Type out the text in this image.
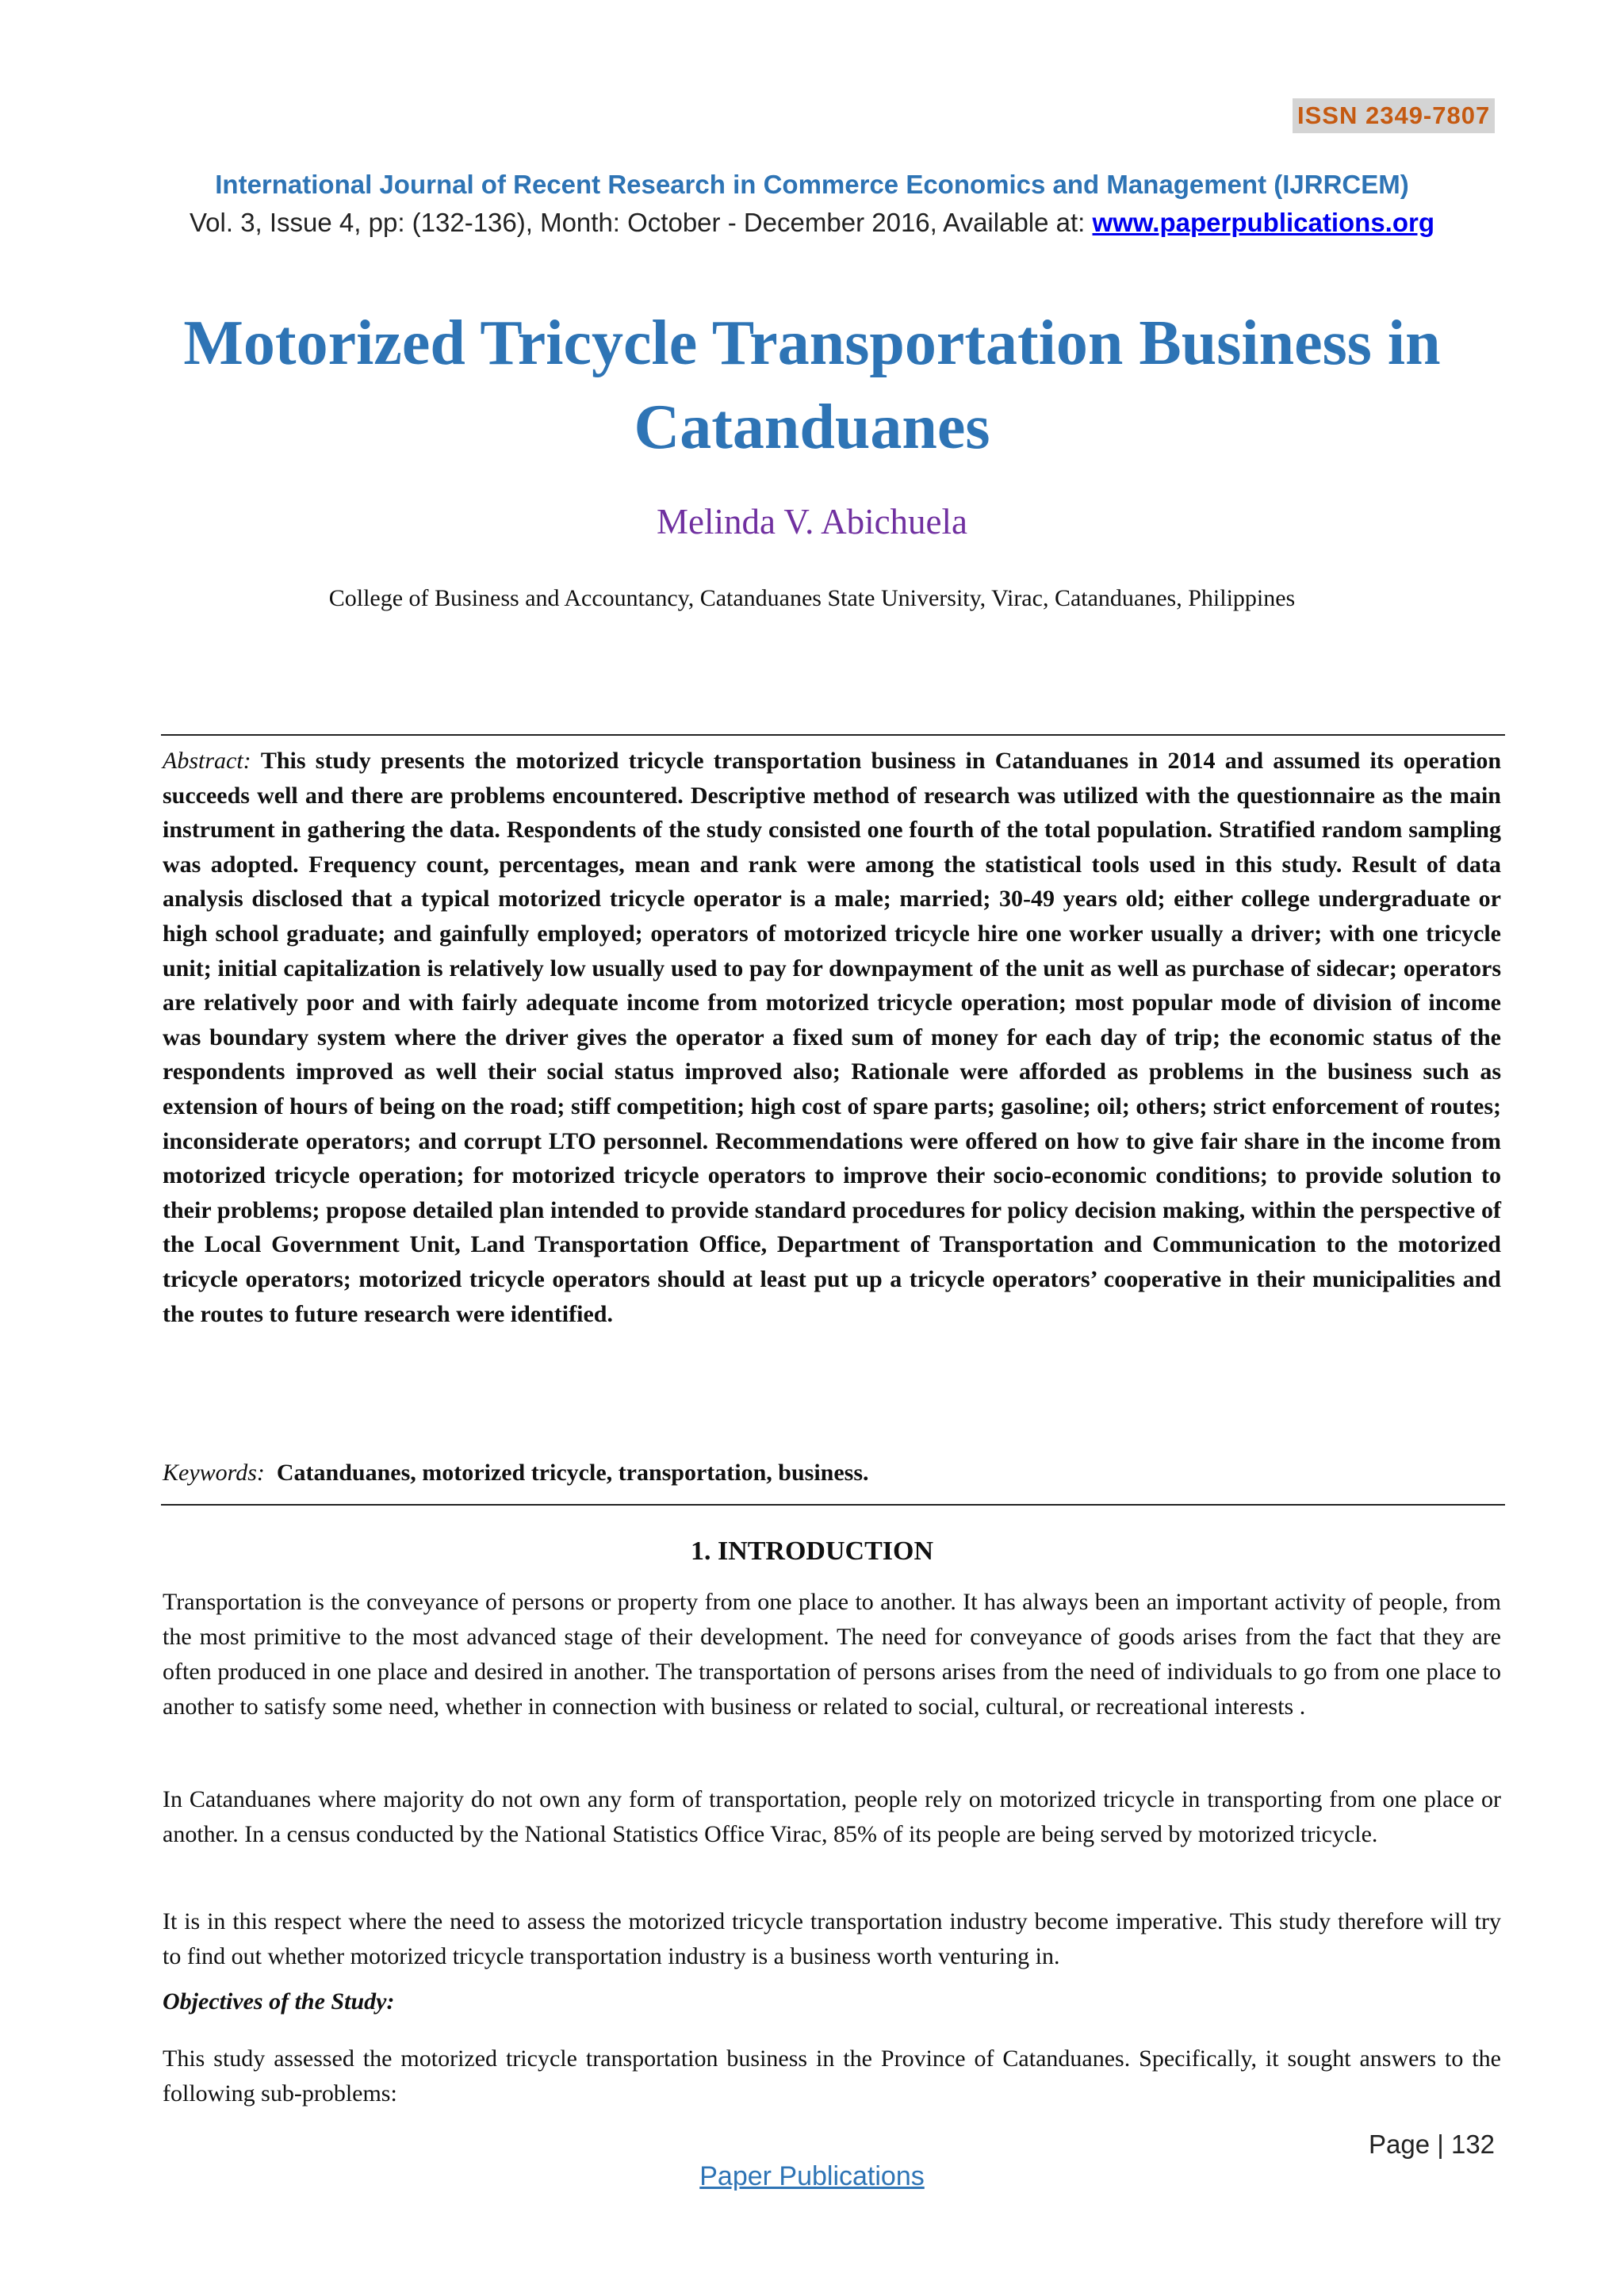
ISSN 2349-7807
International Journal of Recent Research in Commerce Economics and Management (IJRRCEM)
Vol. 3, Issue 4, pp: (132-136), Month: October - December 2016, Available at: www.paperpublications.org
Motorized Tricycle Transportation Business in Catanduanes
Melinda V. Abichuela
College of Business and Accountancy, Catanduanes State University, Virac, Catanduanes, Philippines

Abstract: This study presents the motorized tricycle transportation business in Catanduanes in 2014 and assumed its operation succeeds well and there are problems encountered. Descriptive method of research was utilized with the questionnaire as the main instrument in gathering the data. Respondents of the study consisted one fourth of the total population. Stratified random sampling was adopted. Frequency count, percentages, mean and rank were among the statistical tools used in this study. Result of data analysis disclosed that a typical motorized tricycle operator is a male; married; 30-49 years old; either college undergraduate or high school graduate; and gainfully employed; operators of motorized tricycle hire one worker usually a driver; with one tricycle unit; initial capitalization is relatively low usually used to pay for downpayment of the unit as well as purchase of sidecar; operators are relatively poor and with fairly adequate income from motorized tricycle operation; most popular mode of division of income was boundary system where the driver gives the operator a fixed sum of money for each day of trip; the economic status of the respondents improved as well their social status improved also; Rationale were afforded as problems in the business such as extension of hours of being on the road; stiff competition; high cost of spare parts; gasoline; oil; others; strict enforcement of routes; inconsiderate operators; and corrupt LTO personnel. Recommendations were offered on how to give fair share in the income from motorized tricycle operation; for motorized tricycle operators to improve their socio-economic conditions; to provide solution to their problems; propose detailed plan intended to provide standard procedures for policy decision making, within the perspective of the Local Government Unit, Land Transportation Office, Department of Transportation and Communication to the motorized tricycle operators; motorized tricycle operators should at least put up a tricycle operators’ cooperative in their municipalities and the routes to future research were identified.

Keywords: Catanduanes, motorized tricycle, transportation, business.

1. INTRODUCTION

Transportation is the conveyance of persons or property from one place to another. It has always been an important activity of people, from the most primitive to the most advanced stage of their development. The need for conveyance of goods arises from the fact that they are often produced in one place and desired in another. The transportation of persons arises from the need of individuals to go from one place to another to satisfy some need, whether in connection with business or related to social, cultural, or recreational interests .

In Catanduanes where majority do not own any form of transportation, people rely on motorized tricycle in transporting from one place or another. In a census conducted by the National Statistics Office Virac, 85% of its people are being served by motorized tricycle.

It is in this respect where the need to assess the motorized tricycle transportation industry become imperative. This study therefore will try to find out whether motorized tricycle transportation industry is a business worth venturing in.

Objectives of the Study:

This study assessed the motorized tricycle transportation business in the Province of Catanduanes. Specifically, it sought answers to the following sub-problems:

Page | 132
Paper Publications
